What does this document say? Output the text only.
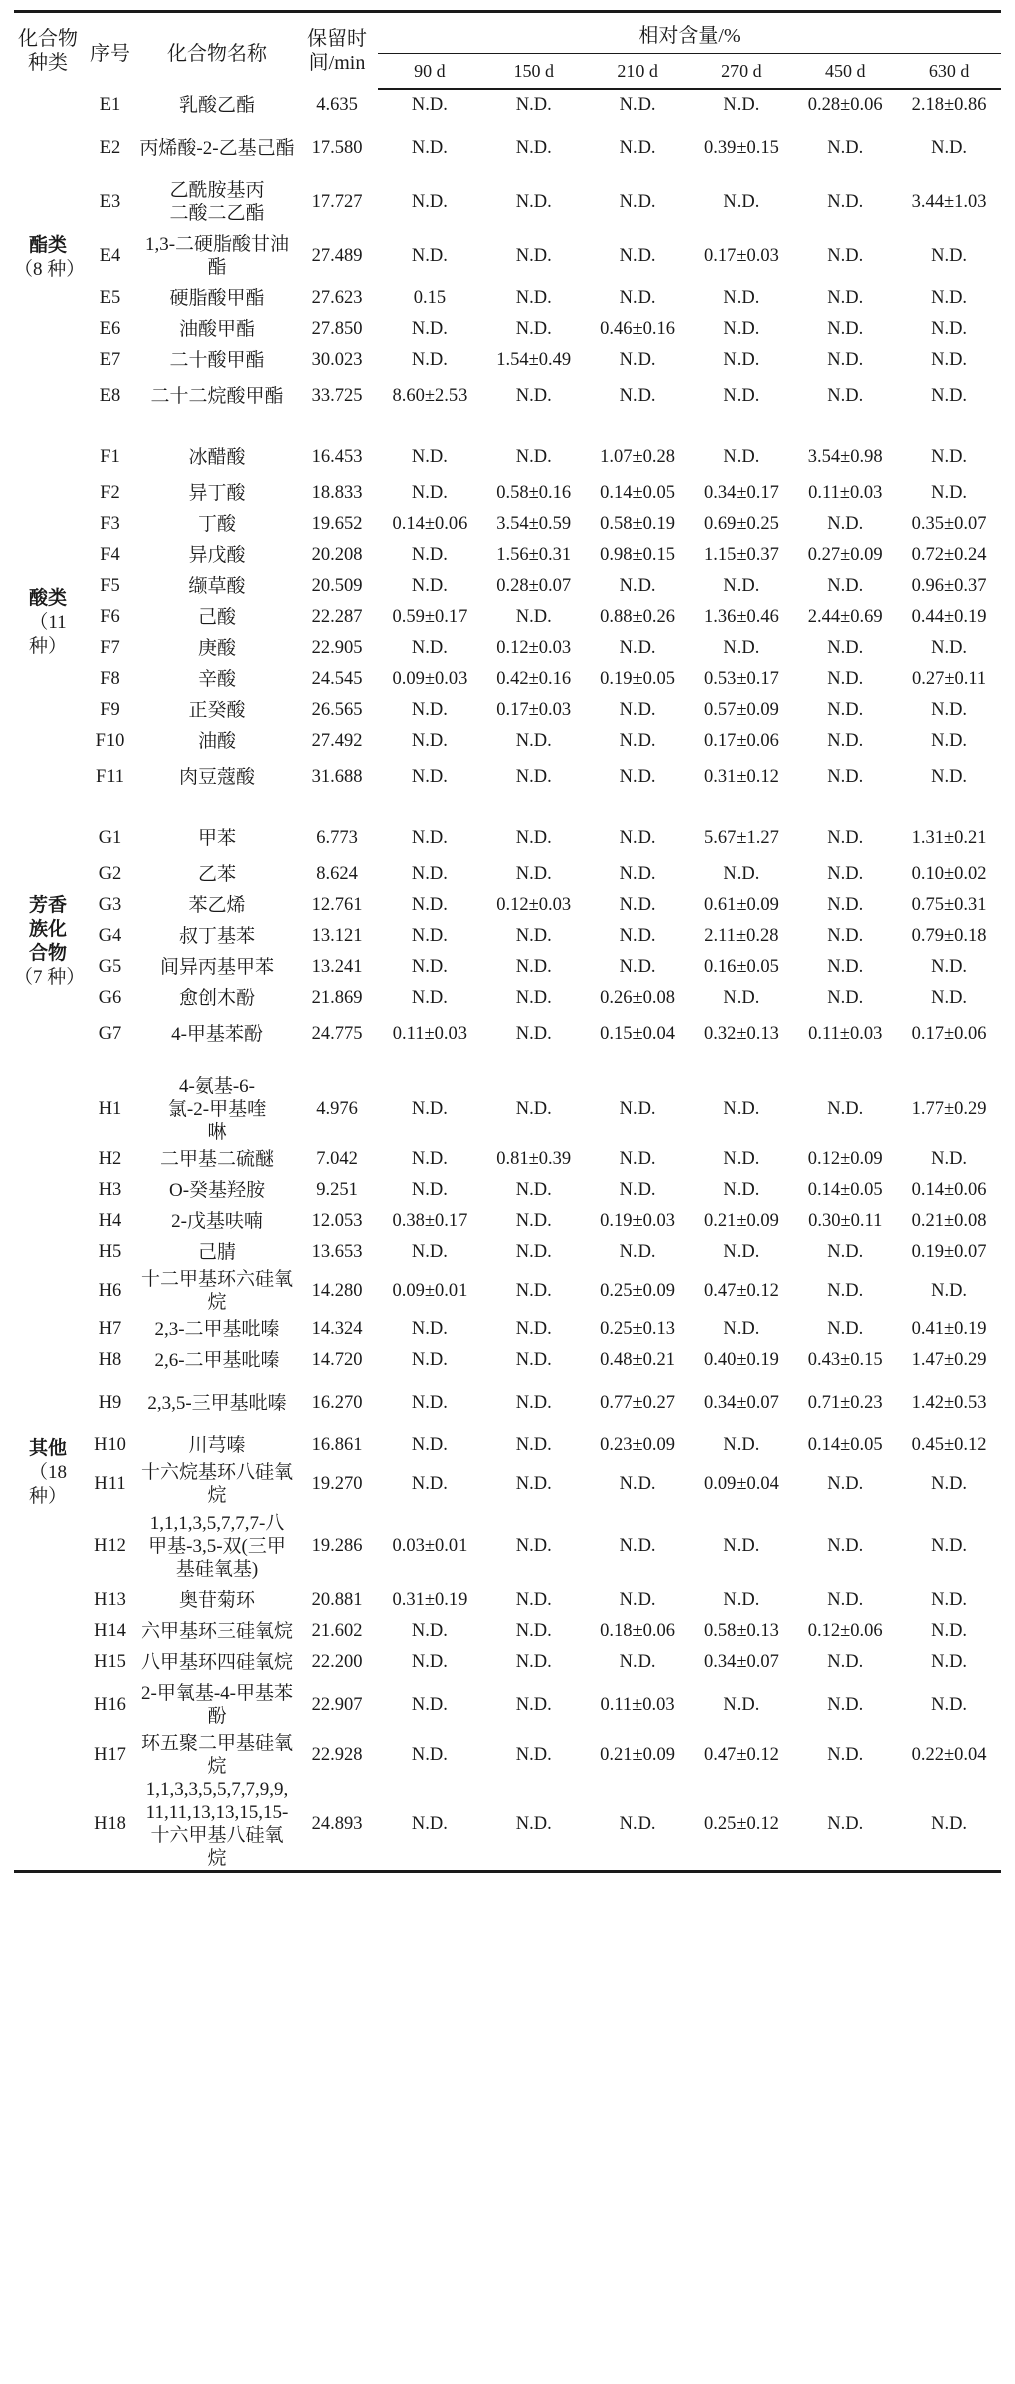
化合物种类	序号	化合物名称	保留时间/min	相对含量/%					
				90 d	150 d	210 d	270 d	450 d	630 d

酯类
（8 种）	E1	乳酸乙酯	4.635	N.D.	N.D.	N.D.	N.D.	0.28±0.06	2.18±0.86
	E2	丙烯酸-2-乙基己酯	17.580	N.D.	N.D.	N.D.	0.39±0.15	N.D.	N.D.
	E3	乙酰胺基丙二酸二乙酯	17.727	N.D.	N.D.	N.D.	N.D.	N.D.	3.44±1.03
	E4	1,3-二硬脂酸甘油酯	27.489	N.D.	N.D.	N.D.	0.17±0.03	N.D.	N.D.
	E5	硬脂酸甲酯	27.623	0.15	N.D.	N.D.	N.D.	N.D.	N.D.
	E6	油酸甲酯	27.850	N.D.	N.D.	0.46±0.16	N.D.	N.D.	N.D.
	E7	二十酸甲酯	30.023	N.D.	1.54±0.49	N.D.	N.D.	N.D.	N.D.
	E8	二十二烷酸甲酯	33.725	8.60±2.53	N.D.	N.D.	N.D.	N.D.	N.D.

酸类
（11 种）	F1	冰醋酸	16.453	N.D.	N.D.	1.07±0.28	N.D.	3.54±0.98	N.D.
	F2	异丁酸	18.833	N.D.	0.58±0.16	0.14±0.05	0.34±0.17	0.11±0.03	N.D.
	F3	丁酸	19.652	0.14±0.06	3.54±0.59	0.58±0.19	0.69±0.25	N.D.	0.35±0.07
	F4	异戊酸	20.208	N.D.	1.56±0.31	0.98±0.15	1.15±0.37	0.27±0.09	0.72±0.24
	F5	缬草酸	20.509	N.D.	0.28±0.07	N.D.	N.D.	N.D.	0.96±0.37
	F6	己酸	22.287	0.59±0.17	N.D.	0.88±0.26	1.36±0.46	2.44±0.69	0.44±0.19
	F7	庚酸	22.905	N.D.	0.12±0.03	N.D.	N.D.	N.D.	N.D.
	F8	辛酸	24.545	0.09±0.03	0.42±0.16	0.19±0.05	0.53±0.17	N.D.	0.27±0.11
	F9	正癸酸	26.565	N.D.	0.17±0.03	N.D.	0.57±0.09	N.D.	N.D.
	F10	油酸	27.492	N.D.	N.D.	N.D.	0.17±0.06	N.D.	N.D.
	F11	肉豆蔻酸	31.688	N.D.	N.D.	N.D.	0.31±0.12	N.D.	N.D.

芳香族化合物
（7 种）	G1	甲苯	6.773	N.D.	N.D.	N.D.	5.67±1.27	N.D.	1.31±0.21
	G2	乙苯	8.624	N.D.	N.D.	N.D.	N.D.	N.D.	0.10±0.02
	G3	苯乙烯	12.761	N.D.	0.12±0.03	N.D.	0.61±0.09	N.D.	0.75±0.31
	G4	叔丁基苯	13.121	N.D.	N.D.	N.D.	2.11±0.28	N.D.	0.79±0.18
	G5	间异丙基甲苯	13.241	N.D.	N.D.	N.D.	0.16±0.05	N.D.	N.D.
	G6	愈创木酚	21.869	N.D.	N.D.	0.26±0.08	N.D.	N.D.	N.D.
	G7	4-甲基苯酚	24.775	0.11±0.03	N.D.	0.15±0.04	0.32±0.13	0.11±0.03	0.17±0.06

其他
（18 种）	H1	4-氨基-6-氯-2-甲基喹啉	4.976	N.D.	N.D.	N.D.	N.D.	N.D.	1.77±0.29
	H2	二甲基二硫醚	7.042	N.D.	0.81±0.39	N.D.	N.D.	0.12±0.09	N.D.
	H3	O-癸基羟胺	9.251	N.D.	N.D.	N.D.	N.D.	0.14±0.05	0.14±0.06
	H4	2-戊基呋喃	12.053	0.38±0.17	N.D.	0.19±0.03	0.21±0.09	0.30±0.11	0.21±0.08
	H5	己腈	13.653	N.D.	N.D.	N.D.	N.D.	N.D.	0.19±0.07
	H6	十二甲基环六硅氧烷	14.280	0.09±0.01	N.D.	0.25±0.09	0.47±0.12	N.D.	N.D.
	H7	2,3-二甲基吡嗪	14.324	N.D.	N.D.	0.25±0.13	N.D.	N.D.	0.41±0.19
	H8	2,6-二甲基吡嗪	14.720	N.D.	N.D.	0.48±0.21	0.40±0.19	0.43±0.15	1.47±0.29
	H9	2,3,5-三甲基吡嗪	16.270	N.D.	N.D.	0.77±0.27	0.34±0.07	0.71±0.23	1.42±0.53
	H10	川芎嗪	16.861	N.D.	N.D.	0.23±0.09	N.D.	0.14±0.05	0.45±0.12
	H11	十六烷基环八硅氧烷	19.270	N.D.	N.D.	N.D.	0.09±0.04	N.D.	N.D.
	H12	1,1,1,3,5,7,7,7-八甲基-3,5-双(三甲基硅氧基)	19.286	0.03±0.01	N.D.	N.D.	N.D.	N.D.	N.D.
	H13	奥苷菊环	20.881	0.31±0.19	N.D.	N.D.	N.D.	N.D.	N.D.
	H14	六甲基环三硅氧烷	21.602	N.D.	N.D.	0.18±0.06	0.58±0.13	0.12±0.06	N.D.
	H15	八甲基环四硅氧烷	22.200	N.D.	N.D.	N.D.	0.34±0.07	N.D.	N.D.
	H16	2-甲氧基-4-甲基苯酚	22.907	N.D.	N.D.	0.11±0.03	N.D.	N.D.	N.D.
	H17	环五聚二甲基硅氧烷	22.928	N.D.	N.D.	0.21±0.09	0.47±0.12	N.D.	0.22±0.04
	H18	1,1,3,3,5,5,7,7,9,9,11,11,13,13,15,15-十六甲基八硅氧烷	24.893	N.D.	N.D.	N.D.	0.25±0.12	N.D.	N.D.
